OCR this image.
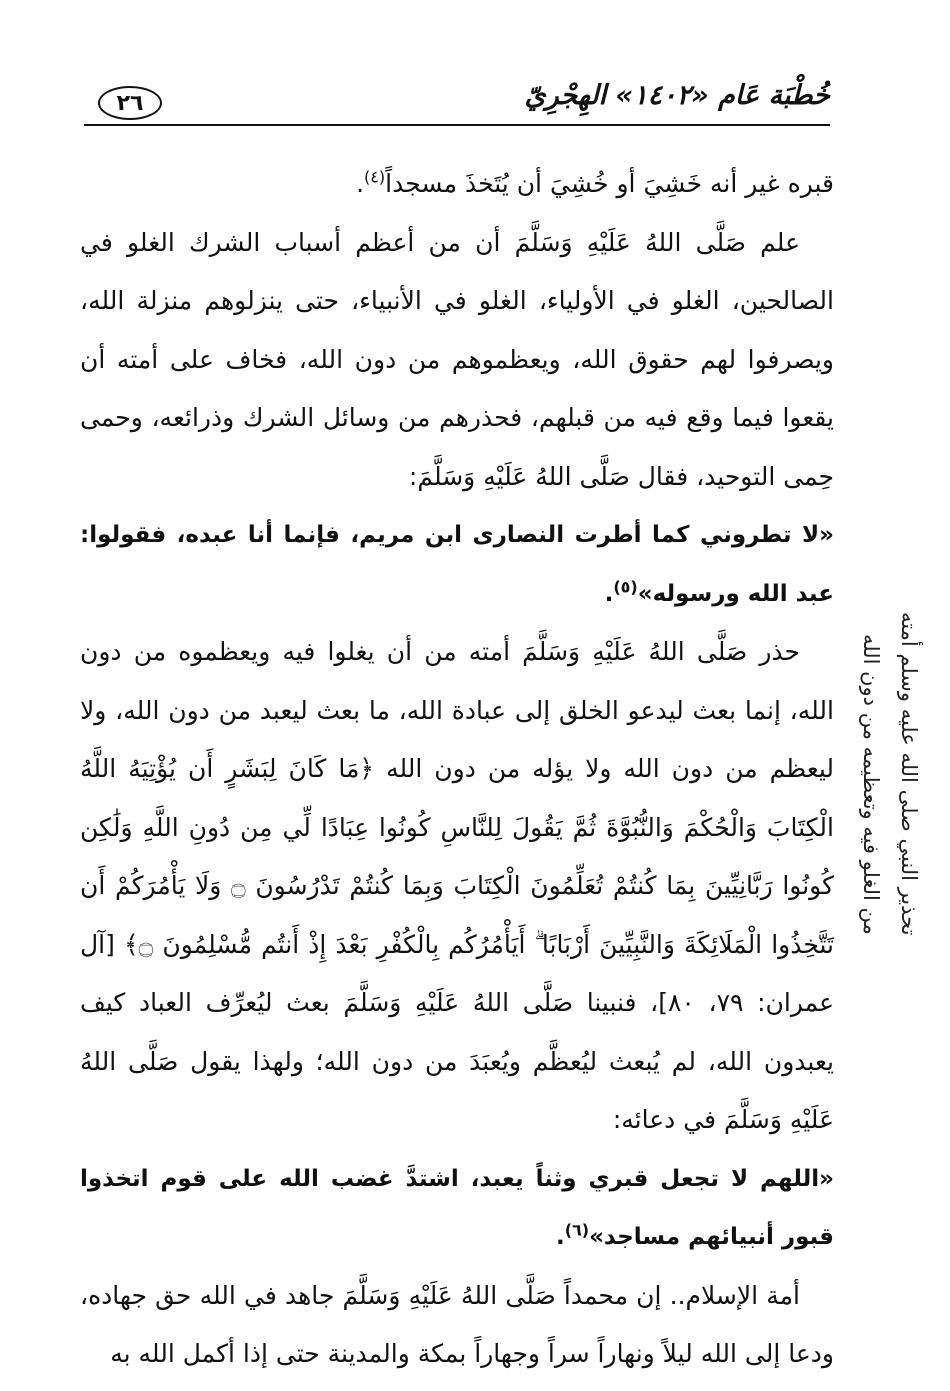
٢٦	خُطْبَة عَام «١٤٠٢» الهِجْرِيّ

قبره غير أنه خَشِيَ أو خُشِيَ أن يُتَخذَ مسجداً$^{(٤)}$.

علم صَلَّى اللهُ عَلَيْهِ وَسَلَّمَ أن من أعظم أسباب الشرك الغلو في الصالحين، الغلو في الأولياء، الغلو في الأنبياء، حتى ينزلوهم منزلة الله، ويصرفوا لهم حقوق الله، ويعظموهم من دون الله، فخاف على أمته أن يقعوا فيما وقع فيه من قبلهم، فحذرهم من وسائل الشرك وذرائعه، وحمى حِمى التوحيد، فقال صَلَّى اللهُ عَلَيْهِ وَسَلَّمَ:

«لا تطروني كما أطرت النصارى ابن مريم، فإنما أنا عبده، فقولوا: عبد الله ورسوله»$^{(٥)}$.

حذر صَلَّى اللهُ عَلَيْهِ وَسَلَّمَ أمته من أن يغلوا فيه ويعظموه من دون الله، إنما بعث ليدعو الخلق إلى عبادة الله، ما بعث ليعبد من دون الله، ولا ليعظم من دون الله ولا يؤله من دون الله ﴿مَا كَانَ لِبَشَرٍ أَن يُؤْتِيَهُ اللَّهُ الْكِتَابَ وَالْحُكْمَ وَالنُّبُوَّةَ ثُمَّ يَقُولَ لِلنَّاسِ كُونُوا عِبَادًا لِّي مِن دُونِ اللَّهِ وَلَٰكِن كُونُوا رَبَّانِيِّينَ بِمَا كُنتُمْ تُعَلِّمُونَ الْكِتَابَ وَبِمَا كُنتُمْ تَدْرُسُونَ ۝ وَلَا يَأْمُرَكُمْ أَن تَتَّخِذُوا الْمَلَائِكَةَ وَالنَّبِيِّينَ أَرْبَابًا ۗ أَيَأْمُرُكُم بِالْكُفْرِ بَعْدَ إِذْ أَنتُم مُّسْلِمُونَ ۝﴾ [آل عمران: ٧٩، ٨٠]، فنبينا صَلَّى اللهُ عَلَيْهِ وَسَلَّمَ بعث ليُعرِّف العباد كيف يعبدون الله، لم يُبعث ليُعظَّم ويُعبَدَ من دون الله؛ ولهذا يقول صَلَّى اللهُ عَلَيْهِ وَسَلَّمَ في دعائه:

«اللهم لا تجعل قبري وثناً يعبد، اشتدَّ غضب الله على قوم اتخذوا قبور أنبيائهم مساجد»$^{(٦)}$.

أمة الإسلام.. إن محمداً صَلَّى اللهُ عَلَيْهِ وَسَلَّمَ جاهد في الله حق جهاده، ودعا إلى الله ليلاً ونهاراً سراً وجهاراً بمكة والمدينة حتى إذا أكمل الله به

تحذير النبي صلى الله عليه وسلم أمته من الغلو فيه وتعظيمه من دون الله
